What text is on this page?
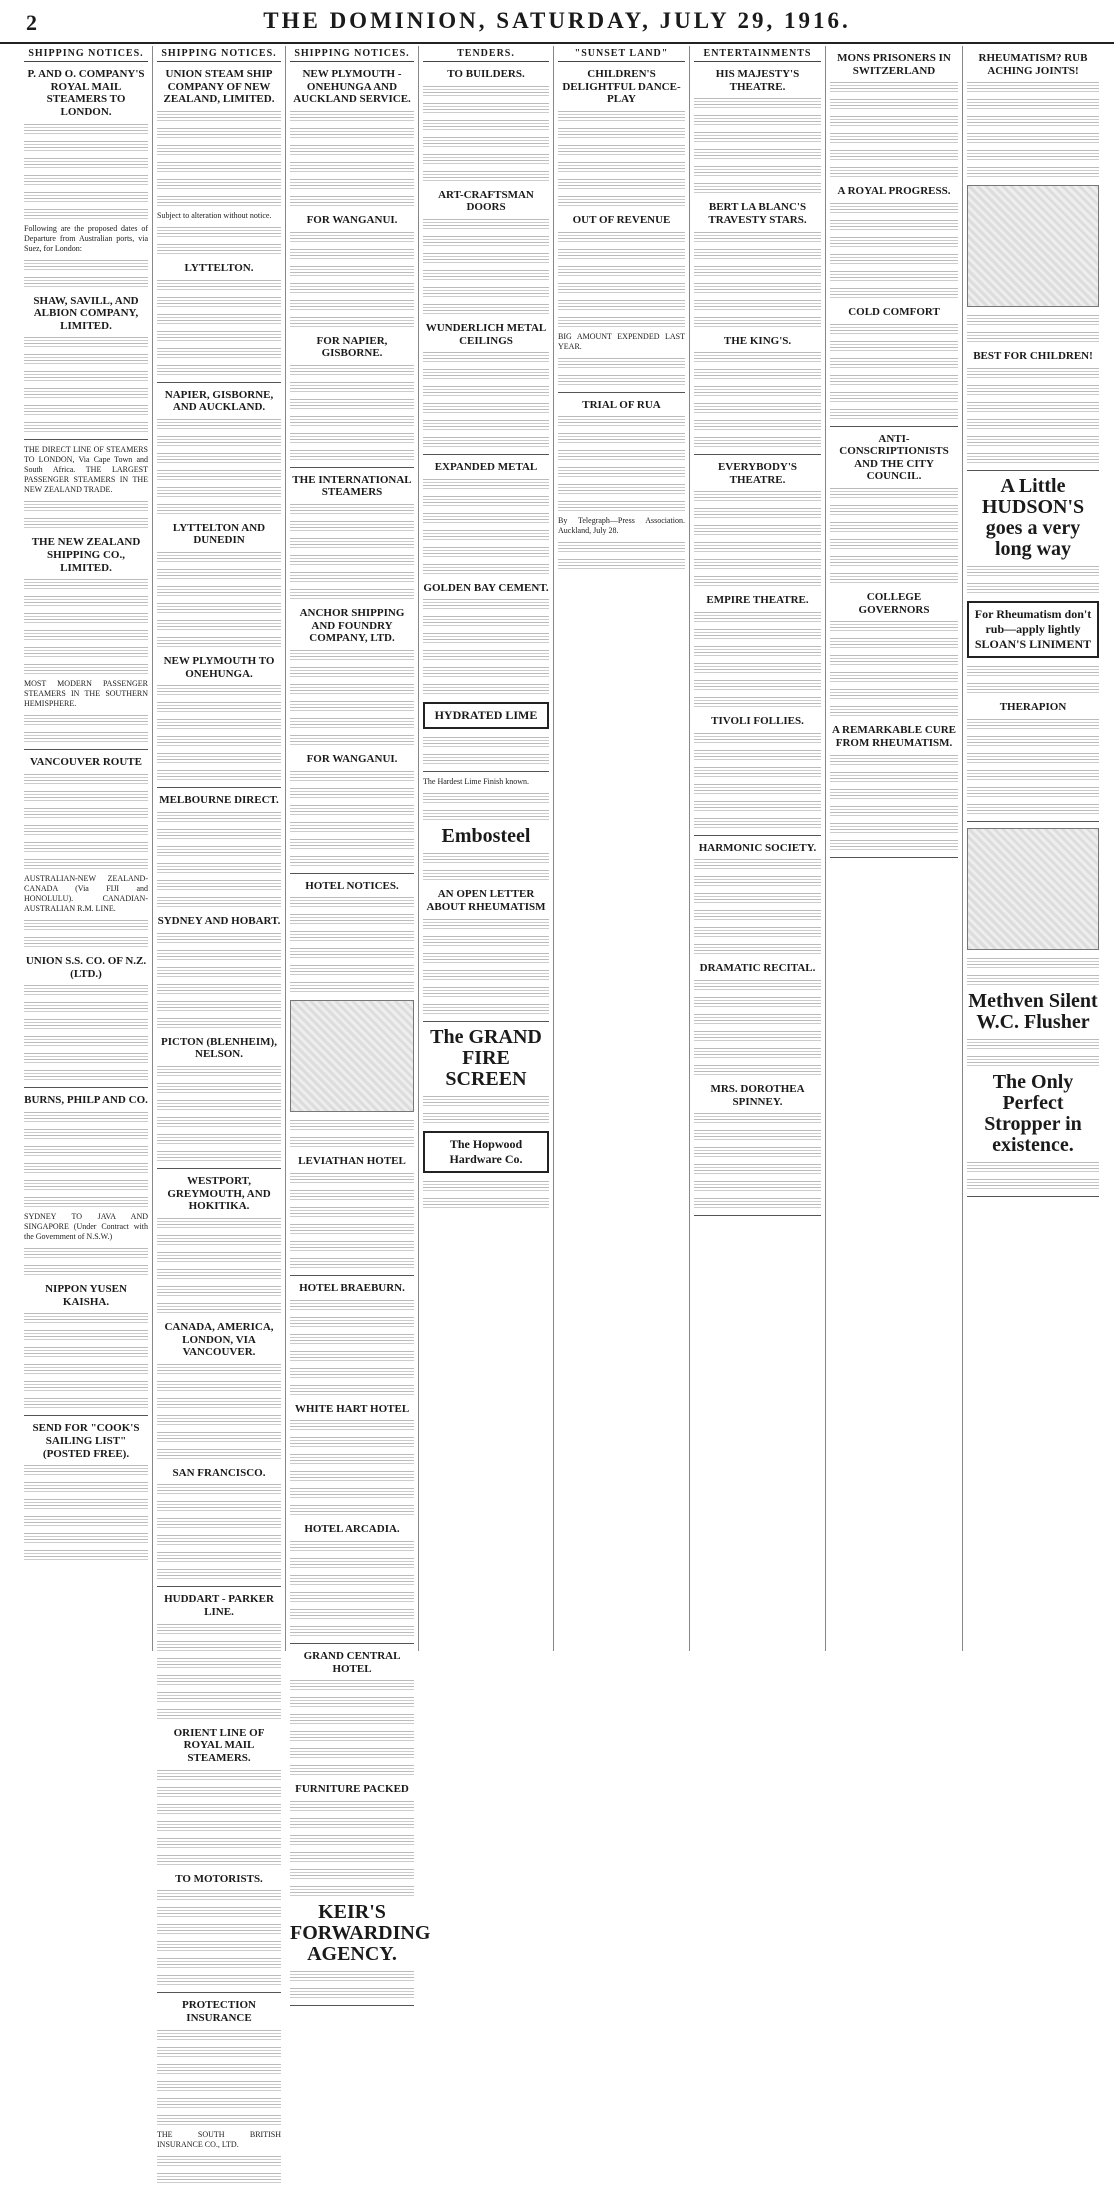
2	THE DOMINION, SATURDAY, JULY 29, 1916.
SHIPPING NOTICES.
P. AND O. COMPANY'S ROYAL MAIL STEAMERS TO LONDON.
Following are the proposed dates of Departure from Australian ports, via Suez, for London:
SHAW, SAVILL, AND ALBION COMPANY, LIMITED.
THE DIRECT LINE OF STEAMERS TO LONDON, Via Cape Town and South Africa. THE LARGEST PASSENGER STEAMERS IN THE NEW ZEALAND TRADE.
THE NEW ZEALAND SHIPPING CO., LIMITED.
MOST MODERN PASSENGER STEAMERS IN THE SOUTHERN HEMISPHERE.
VANCOUVER ROUTE
AUSTRALIAN-NEW ZEALAND-CANADA (Via FIJI and HONOLULU). CANADIAN-AUSTRALIAN R.M. LINE.
UNION S.S. CO. OF N.Z. (LTD.)
BURNS, PHILP AND CO.
SYDNEY TO JAVA AND SINGAPORE (Under Contract with the Government of N.S.W.)
NIPPON YUSEN KAISHA.
SEND FOR "COOK'S SAILING LIST" (POSTED FREE).
SHIPPING NOTICES.
UNION STEAM SHIP COMPANY OF NEW ZEALAND, LIMITED.
Subject to alteration without notice.
LYTTELTON.
NAPIER, GISBORNE, AND AUCKLAND.
LYTTELTON AND DUNEDIN
NEW PLYMOUTH TO ONEHUNGA.
MELBOURNE DIRECT.
SYDNEY AND HOBART.
PICTON (BLENHEIM), NELSON.
WESTPORT, GREYMOUTH, AND HOKITIKA.
CANADA, AMERICA, LONDON, VIA VANCOUVER.
SAN FRANCISCO.
HUDDART - PARKER LINE.
ORIENT LINE OF ROYAL MAIL STEAMERS.
TO MOTORISTS.
PROTECTION INSURANCE
THE SOUTH BRITISH INSURANCE CO., LTD.
SHIPPING NOTICES.
NEW PLYMOUTH - ONEHUNGA AND AUCKLAND SERVICE.
FOR WANGANUI.
FOR NAPIER, GISBORNE.
THE INTERNATIONAL STEAMERS
ANCHOR SHIPPING AND FOUNDRY COMPANY, LTD.
FOR WANGANUI.
HOTEL NOTICES.
LEVIATHAN HOTEL
HOTEL BRAEBURN.
WHITE HART HOTEL
HOTEL ARCADIA.
GRAND CENTRAL HOTEL
FURNITURE PACKED
KEIR'S FORWARDING AGENCY.
TENDERS.
TO BUILDERS.
ART-CRAFTSMAN DOORS
WUNDERLICH METAL CEILINGS
EXPANDED METAL
GOLDEN BAY CEMENT.
HYDRATED LIME
The Hardest Lime Finish known.
Embosteel
AN OPEN LETTER ABOUT RHEUMATISM
The GRAND FIRE SCREEN
The Hopwood Hardware Co.
"SUNSET LAND"
CHILDREN'S DELIGHTFUL DANCE-PLAY
OUT OF REVENUE
BIG AMOUNT EXPENDED LAST YEAR.
TRIAL OF RUA
By Telegraph—Press Association. Auckland, July 28.
ENTERTAINMENTS
HIS MAJESTY'S THEATRE.
BERT LA BLANC'S TRAVESTY STARS.
THE KING'S.
EVERYBODY'S THEATRE.
EMPIRE THEATRE.
TIVOLI FOLLIES.
HARMONIC SOCIETY.
DRAMATIC RECITAL.
MRS. DOROTHEA SPINNEY.
MONS PRISONERS IN SWITZERLAND
A ROYAL PROGRESS.
COLD COMFORT
ANTI-CONSCRIPTIONISTS AND THE CITY COUNCIL.
COLLEGE GOVERNORS
A REMARKABLE CURE FROM RHEUMATISM.
RHEUMATISM? RUB ACHING JOINTS!
BEST FOR CHILDREN!
A Little HUDSON'S goes a very long way
For Rheumatism don't rub—apply lightly SLOAN'S LINIMENT
THERAPION
Methven Silent W.C. Flusher
The Only Perfect Stropper in existence.
